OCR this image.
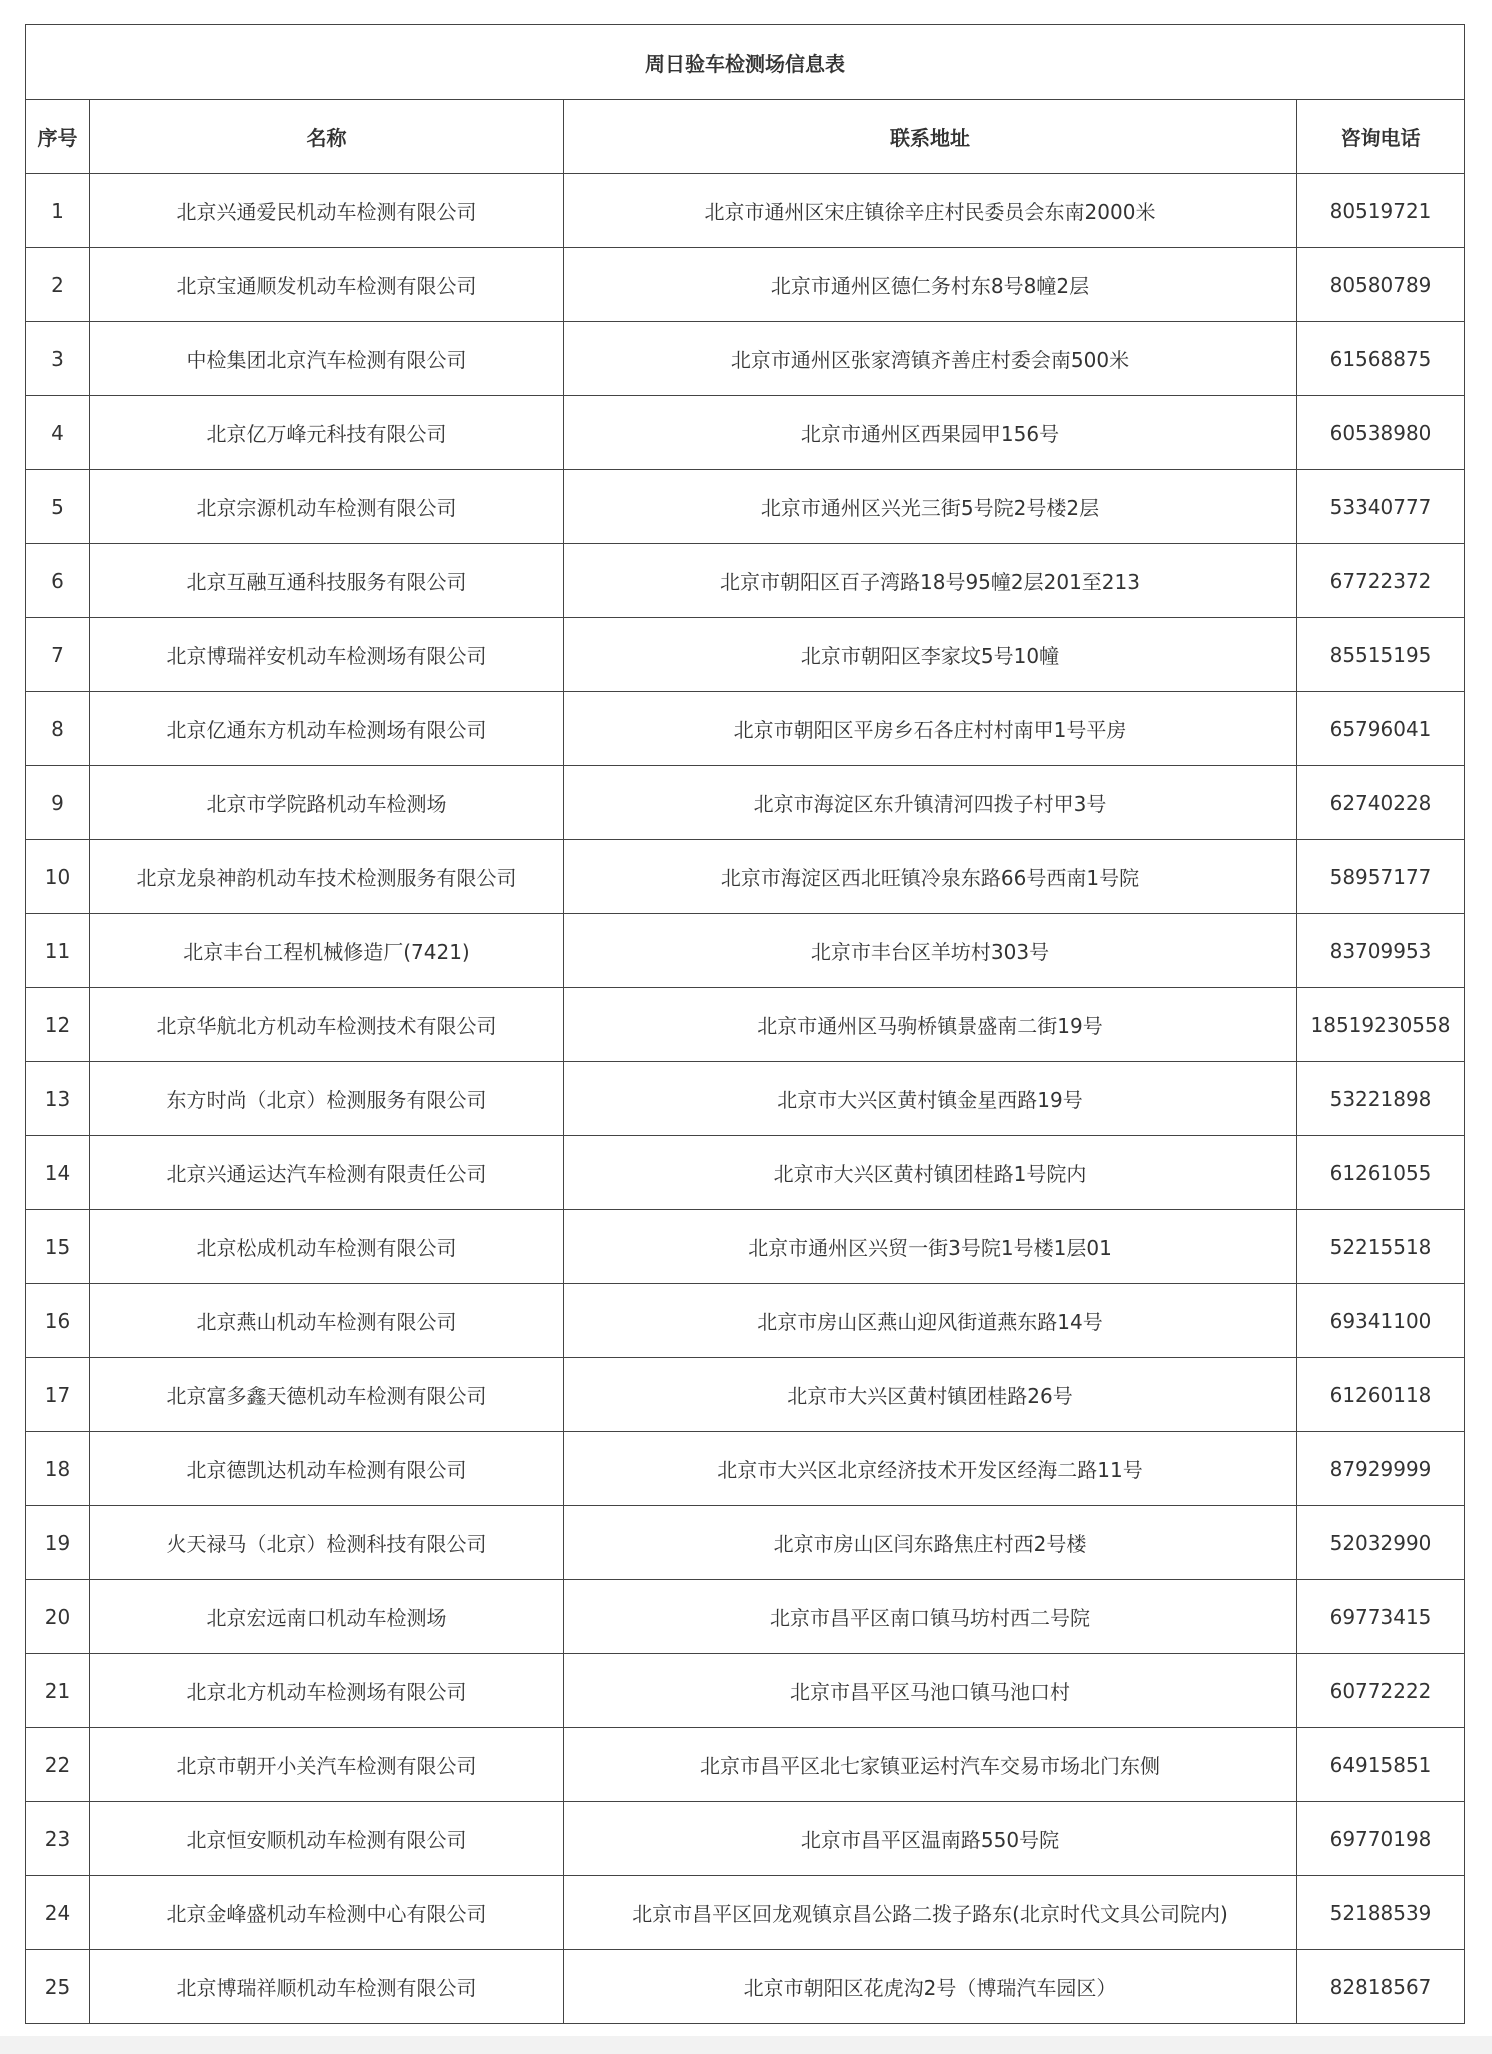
周日验车检测场信息表			
序号	名称	联系地址	咨询电话
1	北京兴通爱民机动车检测有限公司	北京市通州区宋庄镇徐辛庄村民委员会东南2000米	80519721
2	北京宝通顺发机动车检测有限公司	北京市通州区德仁务村东8号8幢2层	80580789
3	中检集团北京汽车检测有限公司	北京市通州区张家湾镇齐善庄村委会南500米	61568875
4	北京亿万峰元科技有限公司	北京市通州区西果园甲156号	60538980
5	北京宗源机动车检测有限公司	北京市通州区兴光三街5号院2号楼2层	53340777
6	北京互融互通科技服务有限公司	北京市朝阳区百子湾路18号95幢2层201至213	67722372
7	北京博瑞祥安机动车检测场有限公司	北京市朝阳区李家坟5号10幢	85515195
8	北京亿通东方机动车检测场有限公司	北京市朝阳区平房乡石各庄村村南甲1号平房	65796041
9	北京市学院路机动车检测场	北京市海淀区东升镇清河四拨子村甲3号	62740228
10	北京龙泉神韵机动车技术检测服务有限公司	北京市海淀区西北旺镇冷泉东路66号西南1号院	58957177
11	北京丰台工程机械修造厂(7421)	北京市丰台区羊坊村303号	83709953
12	北京华航北方机动车检测技术有限公司	北京市通州区马驹桥镇景盛南二街19号	18519230558
13	东方时尚（北京）检测服务有限公司	北京市大兴区黄村镇金星西路19号	53221898
14	北京兴通运达汽车检测有限责任公司	北京市大兴区黄村镇团桂路1号院内	61261055
15	北京松成机动车检测有限公司	北京市通州区兴贸一街3号院1号楼1层01	52215518
16	北京燕山机动车检测有限公司	北京市房山区燕山迎风街道燕东路14号	69341100
17	北京富多鑫天德机动车检测有限公司	北京市大兴区黄村镇团桂路26号	61260118
18	北京德凯达机动车检测有限公司	北京市大兴区北京经济技术开发区经海二路11号	87929999
19	火天禄马（北京）检测科技有限公司	北京市房山区闫东路焦庄村西2号楼	52032990
20	北京宏远南口机动车检测场	北京市昌平区南口镇马坊村西二号院	69773415
21	北京北方机动车检测场有限公司	北京市昌平区马池口镇马池口村	60772222
22	北京市朝开小关汽车检测有限公司	北京市昌平区北七家镇亚运村汽车交易市场北门东侧	64915851
23	北京恒安顺机动车检测有限公司	北京市昌平区温南路550号院	69770198
24	北京金峰盛机动车检测中心有限公司	北京市昌平区回龙观镇京昌公路二拨子路东(北京时代文具公司院内)	52188539
25	北京博瑞祥顺机动车检测有限公司	北京市朝阳区花虎沟2号（博瑞汽车园区）	82818567
